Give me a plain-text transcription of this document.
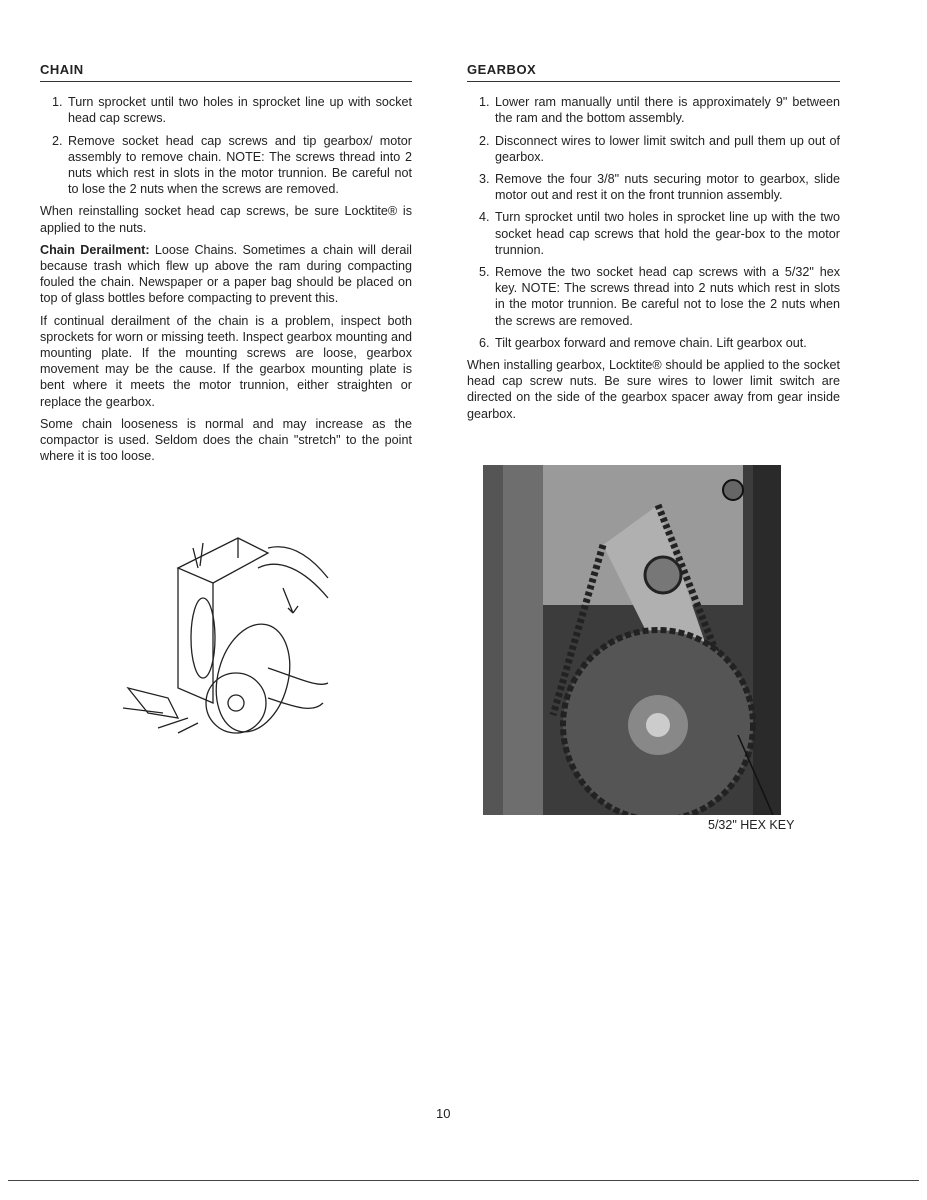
CHAIN
1. Turn sprocket until two holes in sprocket line up with socket head cap screws.
2. Remove socket head cap screws and tip gearbox/ motor assembly to remove chain. NOTE: The screws thread into 2 nuts which rest in slots in the motor trunnion. Be careful not to lose the 2 nuts when the screws are removed.

When reinstalling socket head cap screws, be sure Locktite® is applied to the nuts.

Chain Derailment: Loose Chains. Sometimes a chain will derail because trash which flew up above the ram during compacting fouled the chain. Newspaper or a paper bag should be placed on top of glass bottles before compacting to prevent this.

If continual derailment of the chain is a problem, inspect both sprockets for worn or missing teeth. Inspect gearbox mounting and mounting plate. If the mounting screws are loose, gearbox movement may be the cause. If the gearbox mounting plate is bent where it meets the motor trunnion, either straighten or replace the gearbox.

Some chain looseness is normal and may increase as the compactor is used. Seldom does the chain "stretch" to the point where it is too loose.

GEARBOX
1. Lower ram manually until there is approximately 9" between the ram and the bottom assembly.
2. Disconnect wires to lower limit switch and pull them up out of gearbox.
3. Remove the four 3/8" nuts securing motor to gearbox, slide motor out and rest it on the front trunnion assembly.
4. Turn sprocket until two holes in sprocket line up with the two socket head cap screws that hold the gear-box to the motor trunnion.
5. Remove the two socket head cap screws with a 5/32" hex key. NOTE: The screws thread into 2 nuts which rest in slots in the motor trunnion. Be careful not to lose the 2 nuts when the screws are removed.
6. Tilt gearbox forward and remove chain. Lift gearbox out.

When installing gearbox, Locktite® should be applied to the socket head cap screw nuts. Be sure wires to lower limit switch are directed on the side of the gearbox spacer away from gear inside gearbox.

5/32" HEX KEY
10
